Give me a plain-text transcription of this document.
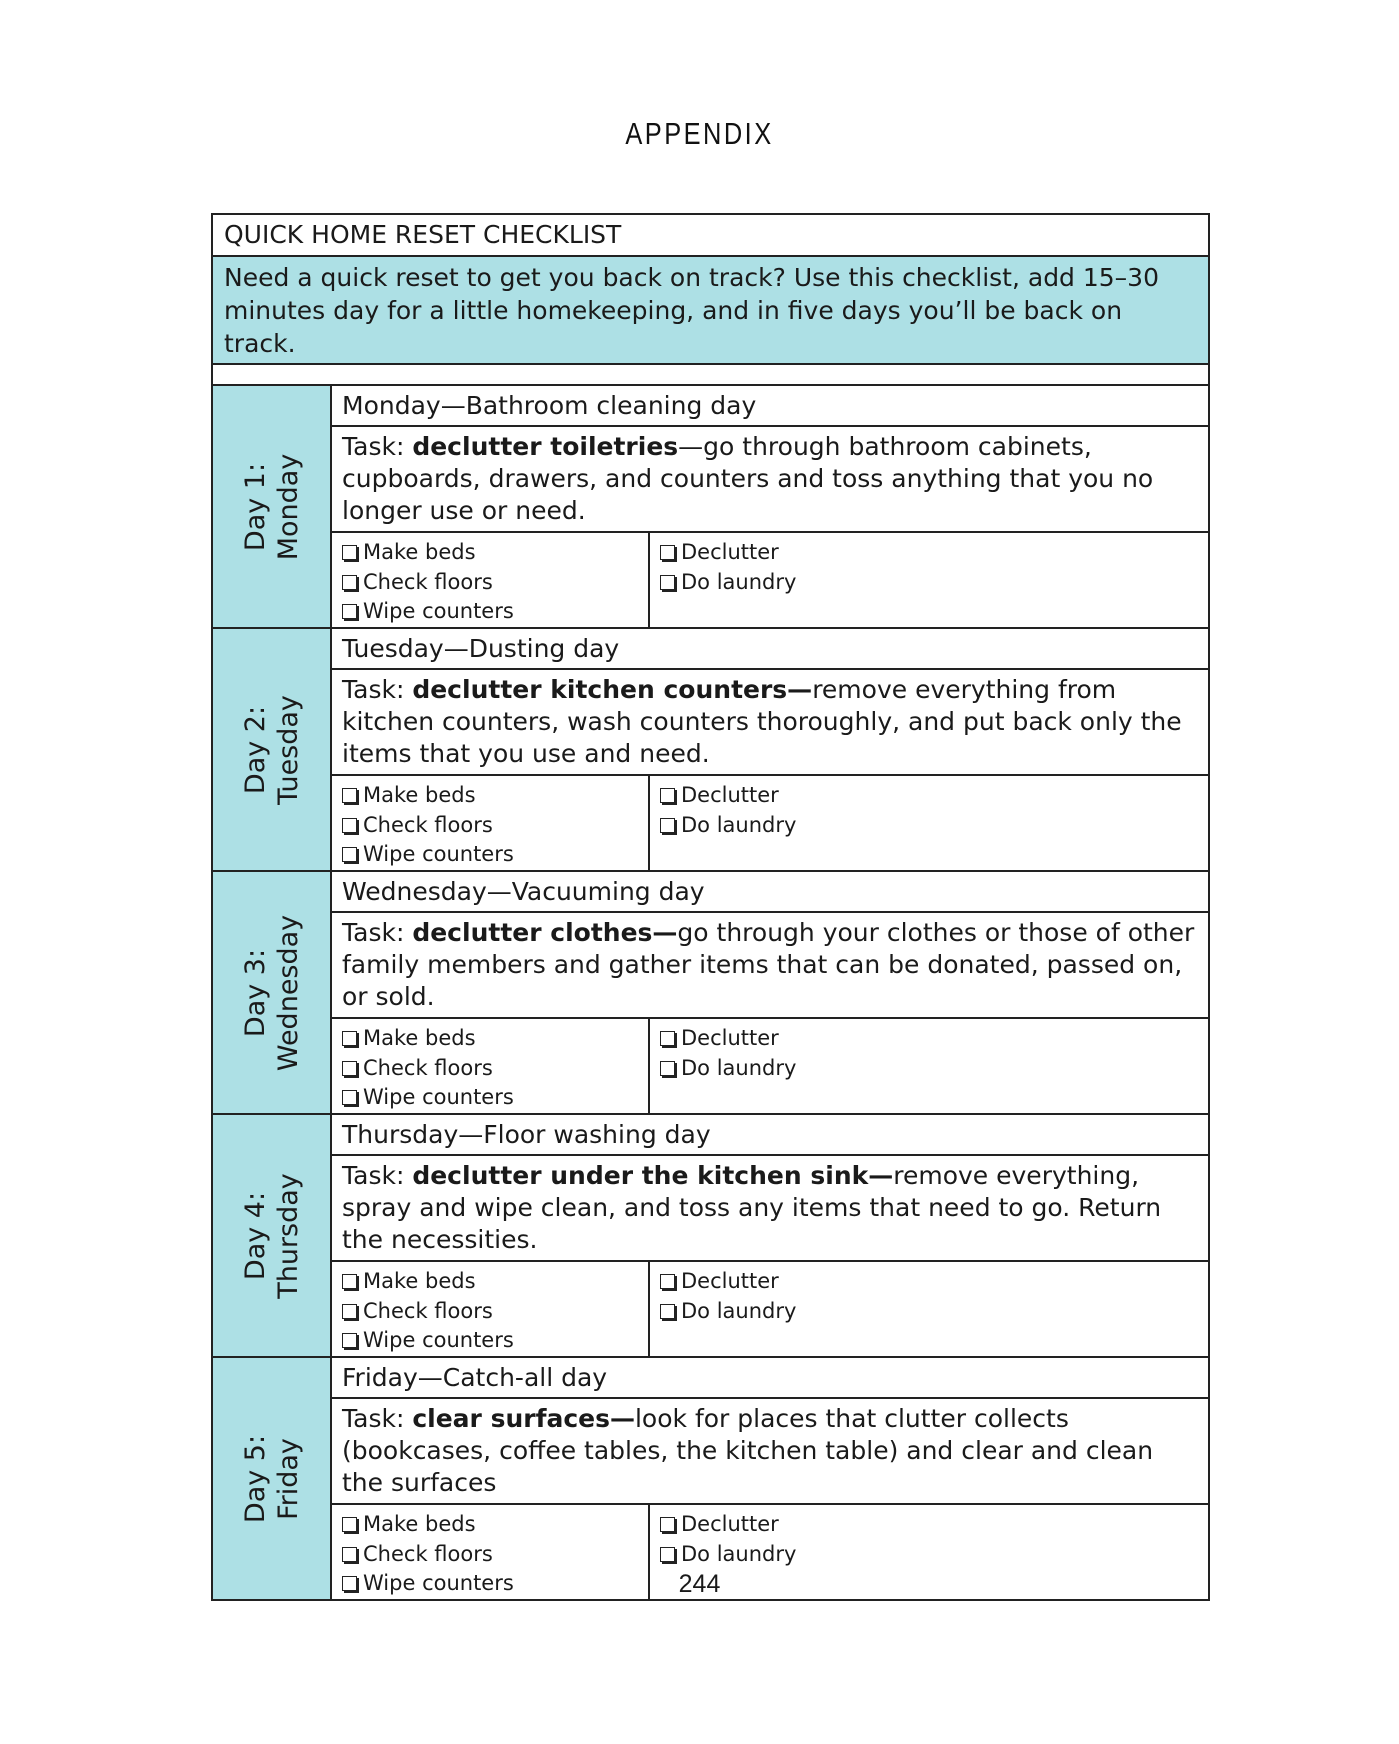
APPENDIX
QUICK HOME RESET CHECKLIST
Need a quick reset to get you back on track? Use this checklist, add 15–30 minutes day for a little homekeeping, and in five days you’ll be back on track.
Day 1: Monday
Monday—Bathroom cleaning day
Task: declutter toiletries—go through bathroom cabinets, cupboards, drawers, and counters and toss anything that you no longer use or need.
Make beds
Check floors
Wipe counters
Declutter
Do laundry
Day 2: Tuesday
Tuesday—Dusting day
Task: declutter kitchen counters—remove everything from kitchen counters, wash counters thoroughly, and put back only the items that you use and need.
Make beds
Check floors
Wipe counters
Declutter
Do laundry
Day 3: Wednesday
Wednesday—Vacuuming day
Task: declutter clothes—go through your clothes or those of other family members and gather items that can be donated, passed on, or sold.
Make beds
Check floors
Wipe counters
Declutter
Do laundry
Day 4: Thursday
Thursday—Floor washing day
Task: declutter under the kitchen sink—remove everything, spray and wipe clean, and toss any items that need to go. Return the necessities.
Make beds
Check floors
Wipe counters
Declutter
Do laundry
Day 5: Friday
Friday—Catch-all day
Task: clear surfaces—look for places that clutter collects (bookcases, coffee tables, the kitchen table) and clear and clean the surfaces
Make beds
Check floors
Wipe counters
Declutter
Do laundry
244
